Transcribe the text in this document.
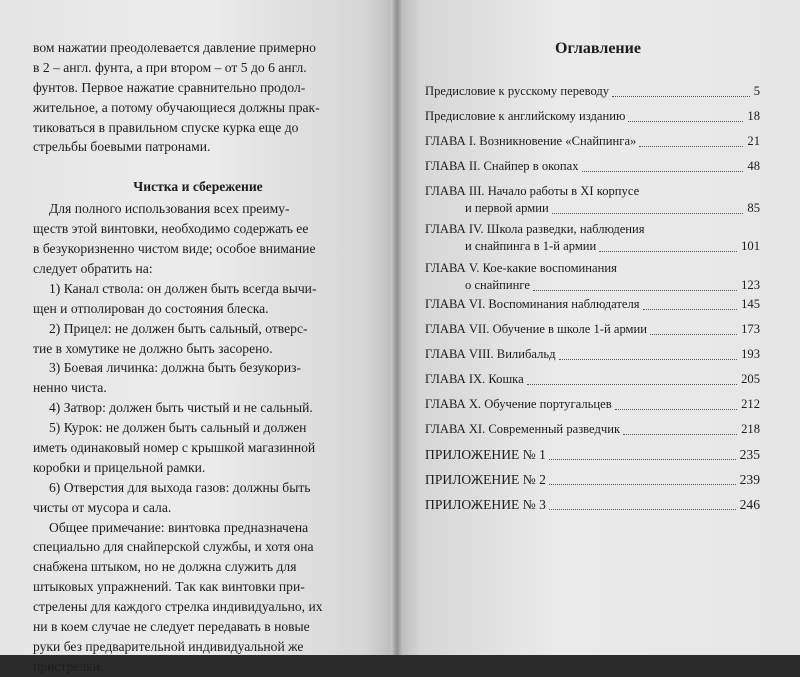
вом нажатии преодолевается давление примерно
в 2 – англ. фунта, а при втором – от 5 до 6 англ.
фунтов. Первое нажатие сравнительно продол-
жительное, а потому обучающиеся должны прак-
тиковаться в правильном спуске курка еще до
стрельбы боевыми патронами.
Чистка и сбережение
Для полного использования всех преиму-
ществ этой винтовки, необходимо содержать ее
в безукоризненно чистом виде; особое внимание
следует обратить на:
1) Канал ствола: он должен быть всегда вычи-
щен и отполирован до состояния блеска.
2) Прицел: не должен быть сальный, отверс-
тие в хомутике не должно быть засорено.
3) Боевая личинка: должна быть безукориз-
ненно чиста.
4) Затвор: должен быть чистый и не сальный.
5) Курок: не должен быть сальный и должен
иметь одинаковый номер с крышкой магазинной
коробки и прицельной рамки.
6) Отверстия для выхода газов: должны быть
чисты от мусора и сала.
Общее примечание: винтовка предназначена
специально для снайперской службы, и хотя она
снабжена штыком, но не должна служить для
штыковых упражнений. Так как винтовки при-
стрелены для каждого стрелка индивидуально, их
ни в коем случае не следует передавать в новые
руки без предварительной индивидуальной же
пристрелки.
Оглавление
Предисловие к русскому переводу	5
Предисловие к английскому изданию	18
ГЛАВА I. Возникновение «Снайпинга»	21
ГЛАВА II. Снайпер в окопах	48
ГЛАВА III. Начало работы в XI корпусе
и первой армии	85
ГЛАВА IV. Школа разведки, наблюдения
и снайпинга в 1-й армии	101
ГЛАВА V. Кое-какие воспоминания
о снайпинге	123
ГЛАВА VI. Воспоминания наблюдателя	145
ГЛАВА VII. Обучение в школе 1-й армии	173
ГЛАВА VIII. Вилибальд	193
ГЛАВА IX. Кошка	205
ГЛАВА X. Обучение португальцев	212
ГЛАВА XI. Современный разведчик	218
ПРИЛОЖЕНИЕ № 1	235
ПРИЛОЖЕНИЕ № 2	239
ПРИЛОЖЕНИЕ № 3	246
